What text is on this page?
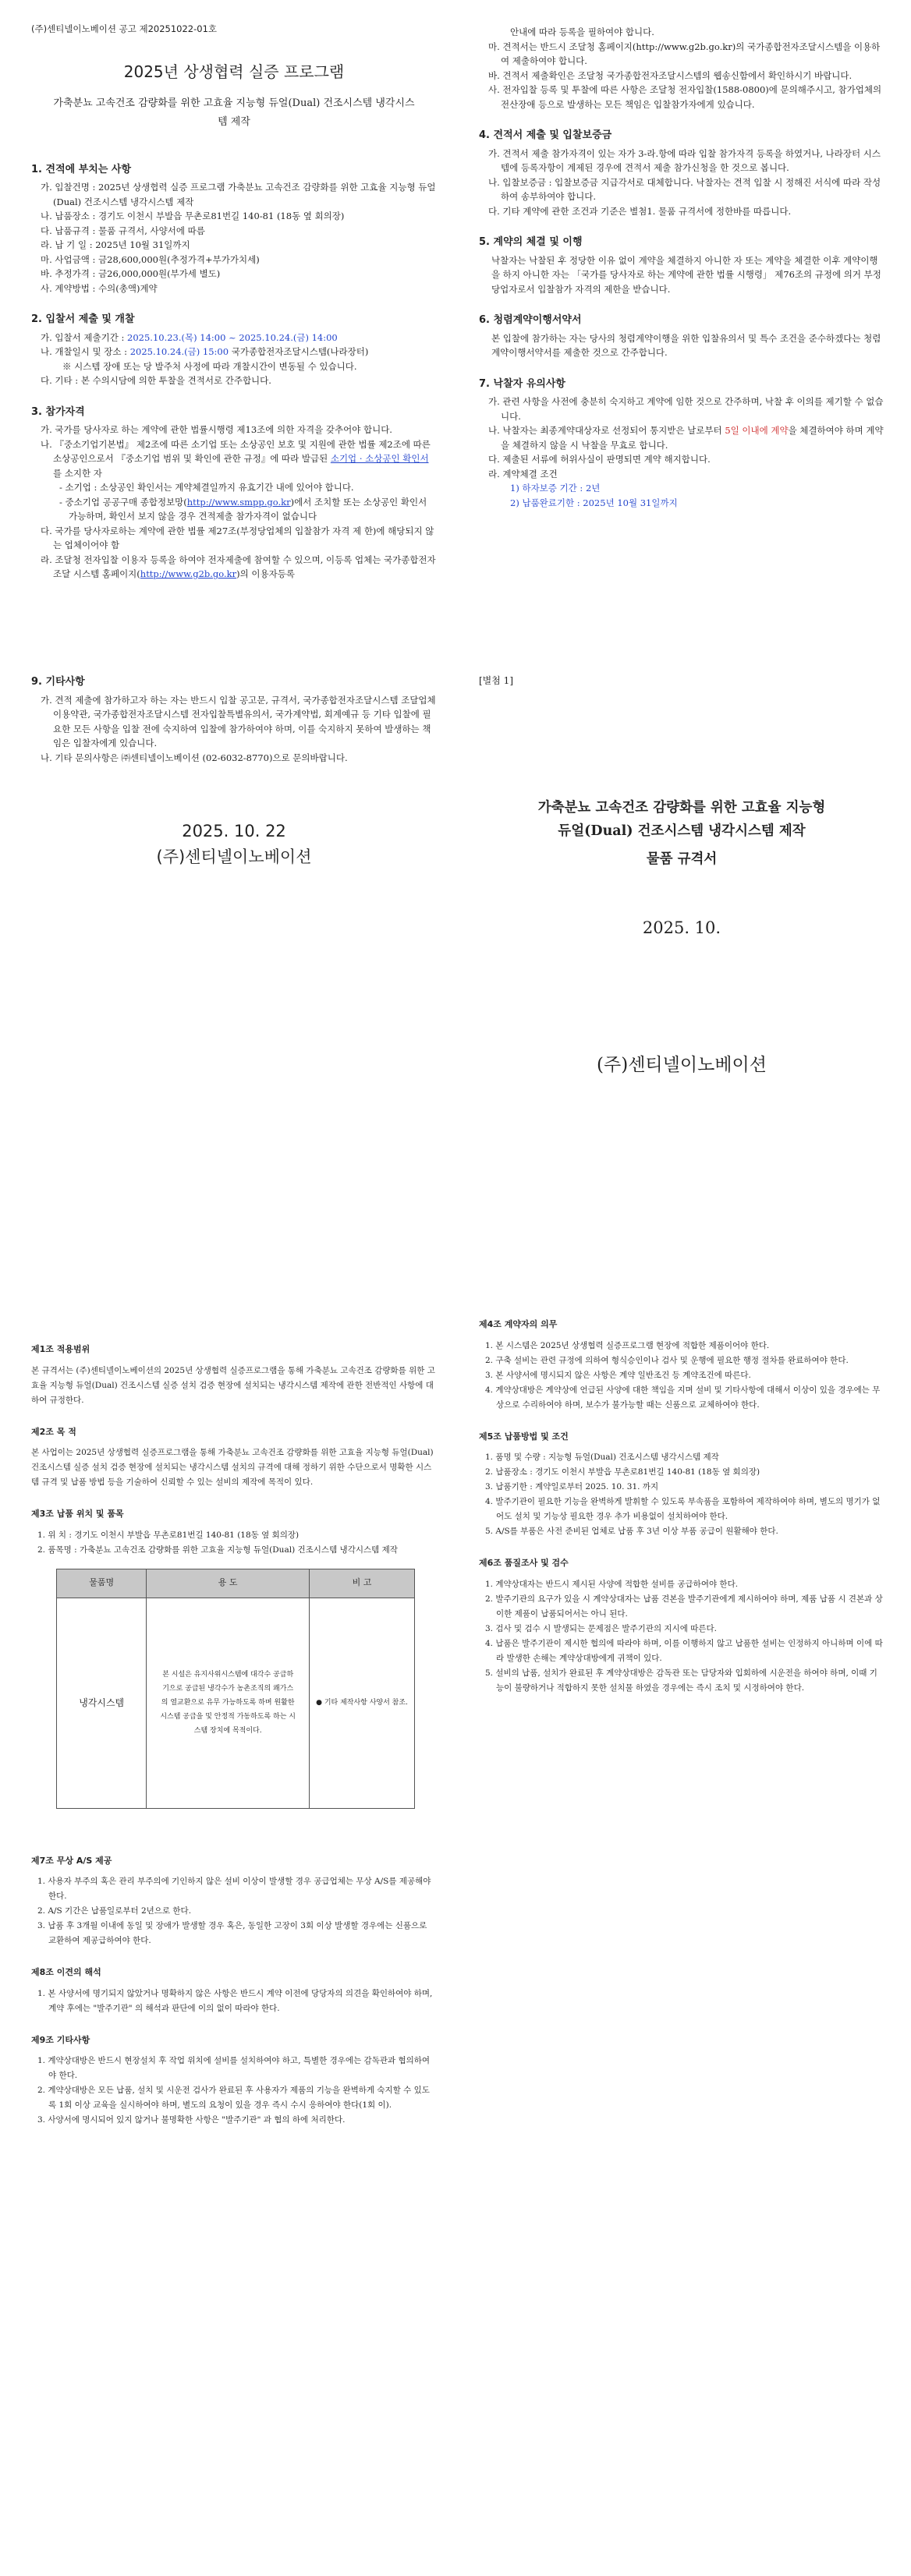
(주)센티넬이노베이션 공고 제20251022-01호
2025년 상생협력 실증 프로그램
가축분뇨 고속건조 감량화를 위한 고효율 지능형 듀얼(Dual) 건조시스템 냉각시스템 제작
1. 견적에 부치는 사항

가. 입찰건명 : 2025년 상생협력 실증 프로그램 가축분뇨 고속건조 감량화를 위한 고효율 지능형 듀얼(Dual) 건조시스템 냉각시스템 제작

나. 납품장소 : 경기도 이천시 부발읍 무촌로81번길 140-81 (18동 옆 회의장)

다. 납품규격 : 물품 규격서, 사양서에 따름

라. 납 기 일 : 2025년 10월 31일까지

마. 사업금액 : 금28,600,000원(추정가격+부가가치세)

바. 추정가격 : 금26,000,000원(부가세 별도)

사. 계약방법 : 수의(총액)계약

2. 입찰서 제출 및 개찰

가. 입찰서 제출기간 : 2025.10.23.(목) 14:00 ~ 2025.10.24.(금) 14:00

나. 개찰일시 및 장소 : 2025.10.24.(금) 15:00 국가종합전자조달시스템(나라장터)

※ 시스템 장애 또는 당 발주처 사정에 따라 개찰시간이 변동될 수 있습니다.

다. 기타 : 본 수의시담에 의한 투찰을 견적서로 간주합니다.

3. 참가자격

가. 국가를 당사자로 하는 계약에 관한 법률시행령 제13조에 의한 자격을 갖추어야 합니다.

나. 『중소기업기본법』 제2조에 따른 소기업 또는 소상공인 보호 및 지원에 관한 법률 제2조에 따른 소상공인으로서 『중소기업 범위 및 확인에 관한 규정』에 따라 발급된 소기업 · 소상공인 확인서를 소지한 자

- 소기업 : 소상공인 확인서는 계약체결일까지 유효기간 내에 있어야 합니다.

- 중소기업 공공구매 종합정보망(http://www.smpp.go.kr)에서 조치할 또는 소상공인 확인서 가능하며, 확인서 보지 않을 경우 견적제출 참가자격이 없습니다

다. 국가를 당사자로하는 계약에 관한 법률 제27조(부정당업체의 입찰참가 자격 제 한)에 해당되지 않는 업체이어야 함

라. 조달청 전자입찰 이용자 등록을 하여야 전자제출에 참여할 수 있으며, 이등록 업체는 국가종합전자조달 시스템 홈페이지(http://www.g2b.go.kr)의 이용자등록

안내에 따라 등록을 필하여야 합니다.

마. 견적서는 반드시 조달청 홈페이지(http://www.g2b.go.kr)의 국가종합전자조달시스템을 이용하여 제출하여야 합니다.

바. 견적서 제출확인은 조달청 국가종합전자조달시스템의 웹송신함에서 확인하시기 바랍니다.

사. 전자입찰 등록 및 투찰에 따른 사항은 조달청 전자입찰(1588-0800)에 문의해주시고, 참가업체의 전산장애 등으로 발생하는 모든 책임은 입찰참가자에게 있습니다.

4. 견적서 제출 및 입찰보증금

가. 견적서 제출 참가자격이 있는 자가 3-라.항에 따라 입찰 참가자격 등록을 하였거나, 나라장터 시스템에 등록자항이 계제된 경우에 견적서 제출 참가신청을 한 것으로 봅니다.

나. 입찰보증금 : 입찰보증금 지급각서로 대체합니다. 낙찰자는 견적 입찰 시 정해진 서식에 따라 작성하여 송부하여야 합니다.

다. 기타 계약에 관한 조건과 기준은 별첨1. 물품 규격서에 정한바를 따릅니다.

5. 계약의 체결 및 이행

낙찰자는 낙찰된 후 정당한 이유 없이 계약을 체결하지 아니한 자 또는 계약을 체결한 이후 계약이행을 하지 아니한 자는 「국가를 당사자로 하는 계약에 관한 법률 시행령」 제76조의 규정에 의거 부정당업자로서 입찰참가 자격의 제한을 받습니다.

6. 청렴계약이행서약서

본 입찰에 참가하는 자는 당사의 청렴계약이행을 위한 입찰유의서 및 특수 조건을 준수하겠다는 청렴계약이행서약서를 제출한 것으로 간주합니다.

7. 낙찰자 유의사항

가. 관련 사항을 사전에 충분히 숙지하고 계약에 임한 것으로 간주하며, 낙찰 후 이의를 제기할 수 없습니다.

나. 낙찰자는 최종계약대상자로 선정되어 통지받은 날로부터 5일 이내에 계약을 체결하여야 하며 계약을 체결하지 않을 시 낙찰을 무효로 합니다.

다. 제출된 서류에 허위사실이 판명되면 계약 해지합니다.

라. 계약체결 조건

1) 하자보증 기간 : 2년

2) 납품완료기한 : 2025년 10월 31일까지

9. 기타사항

가. 견적 제출에 참가하고자 하는 자는 반드시 입찰 공고문, 규격서, 국가종합전자조달시스템 조달업체 이용약관, 국가종합전자조달시스템 전자입찰특별유의서, 국가계약법, 회계예규 등 기타 입찰에 필요한 모든 사항을 입찰 전에 숙지하여 입찰에 참가하여야 하며, 이를 숙지하지 못하여 발생하는 책임은 입찰자에게 있습니다.

나. 기타 문의사항은 ㈜센티넬이노베이션 (02-6032-8770)으로 문의바랍니다.

2025. 10. 22
(주)센티넬이노베이션
[별첨 1]
가축분뇨 고속건조 감량화를 위한 고효율 지능형
듀얼(Dual) 건조시스템 냉각시스템 제작
물품 규격서
2025. 10.
(주)센티넬이노베이션
제1조 적용범위

본 규격서는 (주)센티넬이노베이션의 2025년 상생협력 실증프로그램을 통해 가축분뇨 고속건조 감량화를 위한 고효율 지능형 듀얼(Dual) 건조시스템 실증 설치 검증 현장에 설치되는 냉각시스템 제작에 관한 전반적인 사항에 대하여 규정한다.

제2조 목 적

본 사업이는 2025년 상생협력 실증프로그램을 통해 가축분뇨 고속건조 감량화를 위한 고효율 지능형 듀얼(Dual) 건조시스템 실증 설치 검증 현장에 설치되는 냉각시스템 설치의 규격에 대해 정하기 위한 수단으로서 명확한 시스템 규격 및 납품 방법 등을 기술하여 신뢰할 수 있는 설비의 제작에 목적이 있다.

제3조 납품 위치 및 품목

1. 위 치 : 경기도 이천시 부발읍 무촌로81번길 140-81 (18동 옆 회의장)

2. 품목명 : 가축분뇨 고속건조 감량화를 위한 고효율 지능형 듀얼(Dual) 건조시스템 냉각시스템 제작

물품명	용 도	비 고
냉각시스템	본 시설은 유지사위시스템에 대각수 공급하기으로 공급된 냉각수가 농촌조직의 쾌가스의 열교환으로 유무 가능하도록 하며 원활한 시스템 공급을 및 안정적 가동하도록 하는 시스템 장치에 목적이다.	● 기타 제작사항 사양서 참조.
제7조 무상 A/S 제공

1. 사용자 부주의 혹은 관리 부주의에 기인하지 않은 설비 이상이 발생할 경우 공급업체는 무상 A/S를 제공해야 한다.

2. A/S 기간은 납품일로부터 2년으로 한다.

3. 납품 후 3개월 이내에 동일 및 장애가 발생할 경우 혹은, 동일한 고장이 3회 이상 발생할 경우에는 신품으로 교환하여 제공급하여야 한다.

제8조 이견의 해석

1. 본 사양서에 명기되지 않았거나 명확하지 않은 사항은 반드시 계약 이전에 당당자의 의견을 확인하여야 하며, 계약 후에는 "발주기관" 의 해석과 판단에 이의 없이 따라야 한다.

제9조 기타사항

1. 계약상대방은 반드시 현장설치 후 작업 위치에 설비를 설치하여야 하고, 특별한 경우에는 감독관과 협의하여야 한다.

2. 계약상대방은 모든 납품, 설치 및 시운전 검사가 완료된 후 사용자가 제품의 기능을 완벽하게 숙지할 수 있도록 1회 이상 교육을 실시하여야 하며, 별도의 요청이 있을 경우 즉시 수시 응하여야 한다(1회 이).

3. 사양서에 명시되어 있지 않거나 불명확한 사항은 "발주기관" 과 협의 하에 처리한다.

제4조 계약자의 의무

1. 본 시스템은 2025년 상생협력 실증프로그램 현장에 적합한 제품이어야 한다.

2. 구축 설비는 관련 규정에 의하여 형식승인이나 검사 및 운행에 필요한 행정 절차를 완료하여야 한다.

3. 본 사양서에 명시되지 않은 사항은 계약 일반조건 등 계약조건에 따른다.

4. 계약상대방은 계약상에 언급된 사양에 대한 책임을 지며 설비 및 기타사항에 대해서 이상이 있을 경우에는 무상으로 수리하여야 하며, 보수가 불가능할 때는 신품으로 교체하여야 한다.

제5조 납품방법 및 조건

1. 품명 및 수량 : 지능형 듀얼(Dual) 건조시스템 냉각시스템 제작

2. 납품장소 : 경기도 이천시 부발읍 무촌로81번길 140-81 (18동 옆 회의장)

3. 납품기한 : 계약일로부터 2025. 10. 31. 까지

4. 발주기관이 필요한 기능을 완벽하게 발휘할 수 있도록 부속품을 포함하여 제작하여야 하며, 별도의 명기가 없어도 설치 및 기능상 필요한 경우 추가 비용없이 설치하여야 한다.

5. A/S를 부품은 사전 준비된 업체로 납품 후 3년 이상 부품 공급이 원활해야 한다.

제6조 품질조사 및 검수

1. 계약상대자는 반드시 제시된 사양에 적합한 설비를 공급하여야 한다.

2. 발주기관의 요구가 있을 시 계약상대자는 납품 견본을 발주기관에게 제시하여야 하며, 제품 납품 시 견본과 상이한 제품이 납품되어서는 아니 된다.

3. 검사 및 검수 시 발생되는 문제점은 발주기관의 지시에 따른다.

4. 납품은 발주기관이 제시한 협의에 따라야 하며, 이를 이행하지 않고 납품한 설비는 인정하지 아니하며 이에 따라 발생한 손해는 계약상대방에게 귀책이 있다.

5. 설비의 납품, 설치가 완료된 후 계약상대방은 감독관 또는 담당자와 입회하에 시운전을 하여야 하며, 이때 기능이 불량하거나 적합하지 못한 설치물 하였을 경우에는 즉시 조치 및 시정하여야 한다.
